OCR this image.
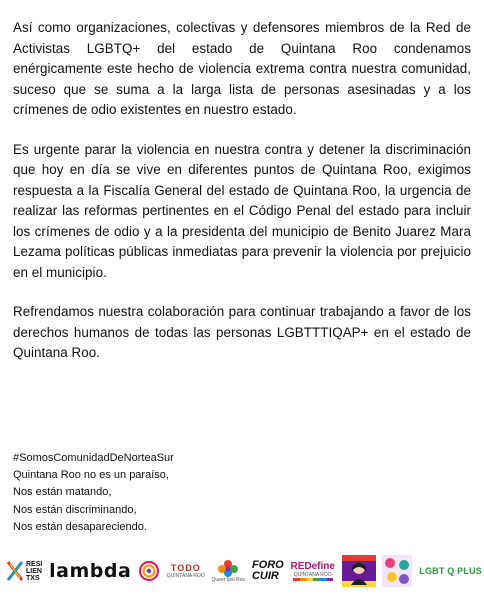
Así como organizaciones, colectivas y defensores miembros de la Red de Activistas LGBTQ+ del estado de Quintana Roo condenamos enérgicamente este hecho de violencia extrema contra nuestra comunidad, suceso que se suma a la larga lista de personas asesinadas y a los crímenes de odio existentes en nuestro estado.

Es urgente parar la violencia en nuestra contra y detener la discriminación que hoy en día se vive en diferentes puntos de Quintana Roo, exigimos respuesta a la Fiscalía General del estado de Quintana Roo, la urgencia de realizar las reformas pertinentes en el Código Penal del estado para incluir los crímenes de odio y a la presidenta del municipio de Benito Juarez Mara Lezama políticas públicas inmediatas para prevenir la violencia por prejuicio en el municipio.

Refrendamos nuestra colaboración para continuar trabajando a favor de los derechos humanos de todas las personas LGBTTTIQAP+ en el estado de Quintana Roo.

#SomosComunidadDeNorteaSur
Quintana Roo no es un paraíso,
Nos están matando,
Nos están discriminando,
Nos están desapareciendo.
RESI
LIEN
TXS lambda	TODO
QUINTANA ROO
Queer Ipsi Roo
FORO
CUIR
REDefine
QUINTANA ROO	LGBT Q PLUS
